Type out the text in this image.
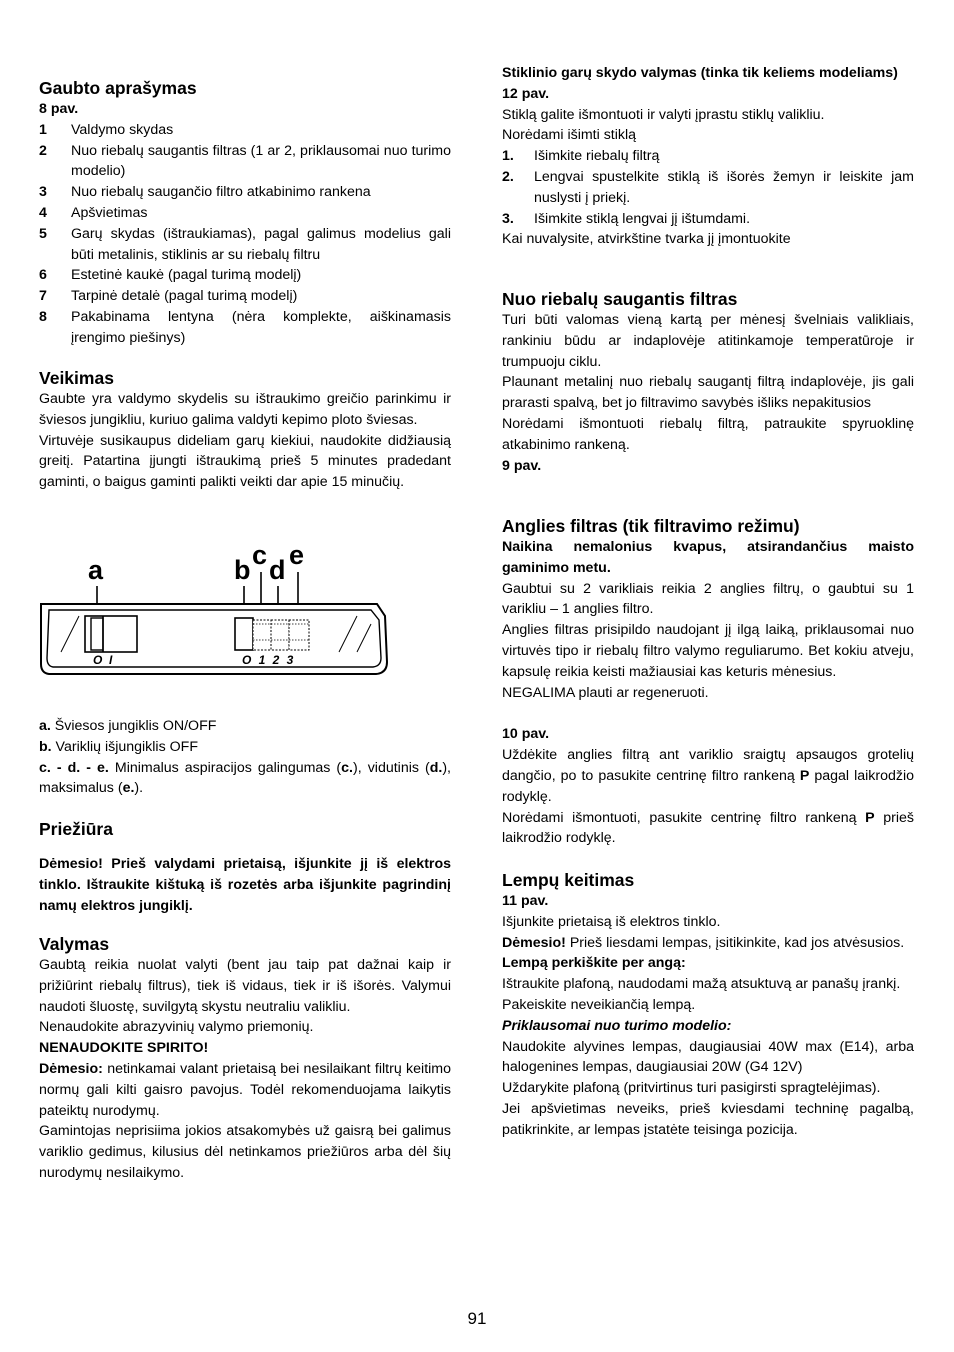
Gaubto aprašymas
8 pav.
1	Valdymo skydas
2	Nuo riebalų saugantis filtras (1 ar 2, priklausomai nuo turimo modelio)
3	Nuo riebalų saugančio filtro atkabinimo rankena
4	Apšvietimas
5	Garų skydas (ištraukiamas), pagal galimus modelius gali būti metalinis, stiklinis ar su riebalų filtru
6	Estetinė kaukė (pagal turimą modelį)
7	Tarpinė detalė (pagal turimą modelį)
8	Pakabinama lentyna (nėra komplekte, aiškinamasis įrengimo piešinys)
Veikimas
Gaubte yra valdymo skydelis su ištraukimo greičio parinkimu ir šviesos jungikliu, kuriuo galima valdyti kepimo ploto šviesas.
Virtuvėje susikaupus dideliam garų kiekiui, naudokite didžiausią greitį. Patartina įjungti ištraukimą prieš 5 minutes pradedant gaminti, o baigus gaminti palikti veikti dar apie 15 minučių.
a	b c d e
O  I	O 1 2 3
a. Šviesos jungiklis ON/OFF
b. Variklių išjungiklis OFF
c. - d. - e. Minimalus aspiracijos galingumas (c.), vidutinis (d.), maksimalus (e.).
Priežiūra
Dėmesio! Prieš valydami prietaisą, išjunkite jį iš elektros tinklo. Ištraukite kištuką iš rozetės arba išjunkite pagrindinį namų elektros jungiklį.
Valymas
Gaubtą reikia nuolat valyti (bent jau taip pat dažnai kaip ir prižiūrint riebalų filtrus), tiek iš vidaus, tiek ir iš išorės. Valymui naudoti šluostę, suvilgytą skystu neutraliu valikliu.
Nenaudokite abrazyvinių valymo priemonių.
NENAUDOKITE SPIRITO!
Dėmesio: netinkamai valant prietaisą bei nesilaikant filtrų keitimo normų gali kilti gaisro pavojus. Todėl rekomenduojama laikytis pateiktų nurodymų.
Gamintojas neprisiima jokios atsakomybės už gaisrą bei galimus variklio gedimus, kilusius dėl netinkamos priežiūros arba dėl šių nurodymų nesilaikymo.
Stiklinio garų skydo valymas (tinka tik keliems modeliams)
12 pav.
Stiklą galite išmontuoti ir valyti įprastu stiklų valikliu.
Norėdami išimti stiklą
1.	Išimkite riebalų filtrą
2.	Lengvai spustelkite stiklą iš išorės žemyn ir leiskite jam nuslysti į priekį.
3.	Išimkite stiklą lengvai jį ištumdami.
Kai nuvalysite, atvirkštine tvarka jį įmontuokite
Nuo riebalų saugantis filtras
Turi būti valomas vieną kartą per mėnesį švelniais valikliais, rankiniu būdu ar indaplovėje atitinkamoje temperatūroje ir trumpuoju ciklu.
Plaunant metalinį nuo riebalų saugantį filtrą indaplovėje, jis gali prarasti spalvą, bet jo filtravimo savybės išliks nepakitusios
Norėdami išmontuoti riebalų filtrą, patraukite spyruoklinę atkabinimo rankeną.
9 pav.
Anglies filtras (tik filtravimo režimu)
Naikina nemalonius kvapus, atsirandančius maisto gaminimo metu.
Gaubtui su 2 varikliais reikia 2 anglies filtrų, o gaubtui su 1 varikliu – 1 anglies filtro.
Anglies filtras prisipildo naudojant jį ilgą laiką, priklausomai nuo virtuvės tipo ir riebalų filtro valymo reguliarumo. Bet kokiu atveju, kapsulę reikia keisti mažiausiai kas keturis mėnesius.
NEGALIMA plauti ar regeneruoti.
10 pav.
Uždėkite anglies filtrą ant variklio sraigtų apsaugos grotelių dangčio, po to pasukite centrinę filtro rankeną P pagal laikrodžio rodyklę.
Norėdami išmontuoti, pasukite centrinę filtro rankeną P prieš laikrodžio rodyklę.
Lempų keitimas
11 pav.
Išjunkite prietaisą iš elektros tinklo.
Dėmesio! Prieš liesdami lempas, įsitikinkite, kad jos atvėsusios.
Lempą perkiškite per angą:
Ištraukite plafoną, naudodami mažą atsuktuvą ar panašų įrankį.
Pakeiskite neveikiančią lempą.
Priklausomai nuo turimo modelio:
Naudokite alyvines lempas, daugiausiai 40W max (E14), arba halogenines lempas, daugiausiai 20W (G4 12V)
Uždarykite plafoną (pritvirtinus turi pasigirsti spragtelėjimas).
Jei apšvietimas neveiks, prieš kviesdami techninę pagalbą, patikrinkite, ar lempas įstatėte teisinga pozicija.
91
